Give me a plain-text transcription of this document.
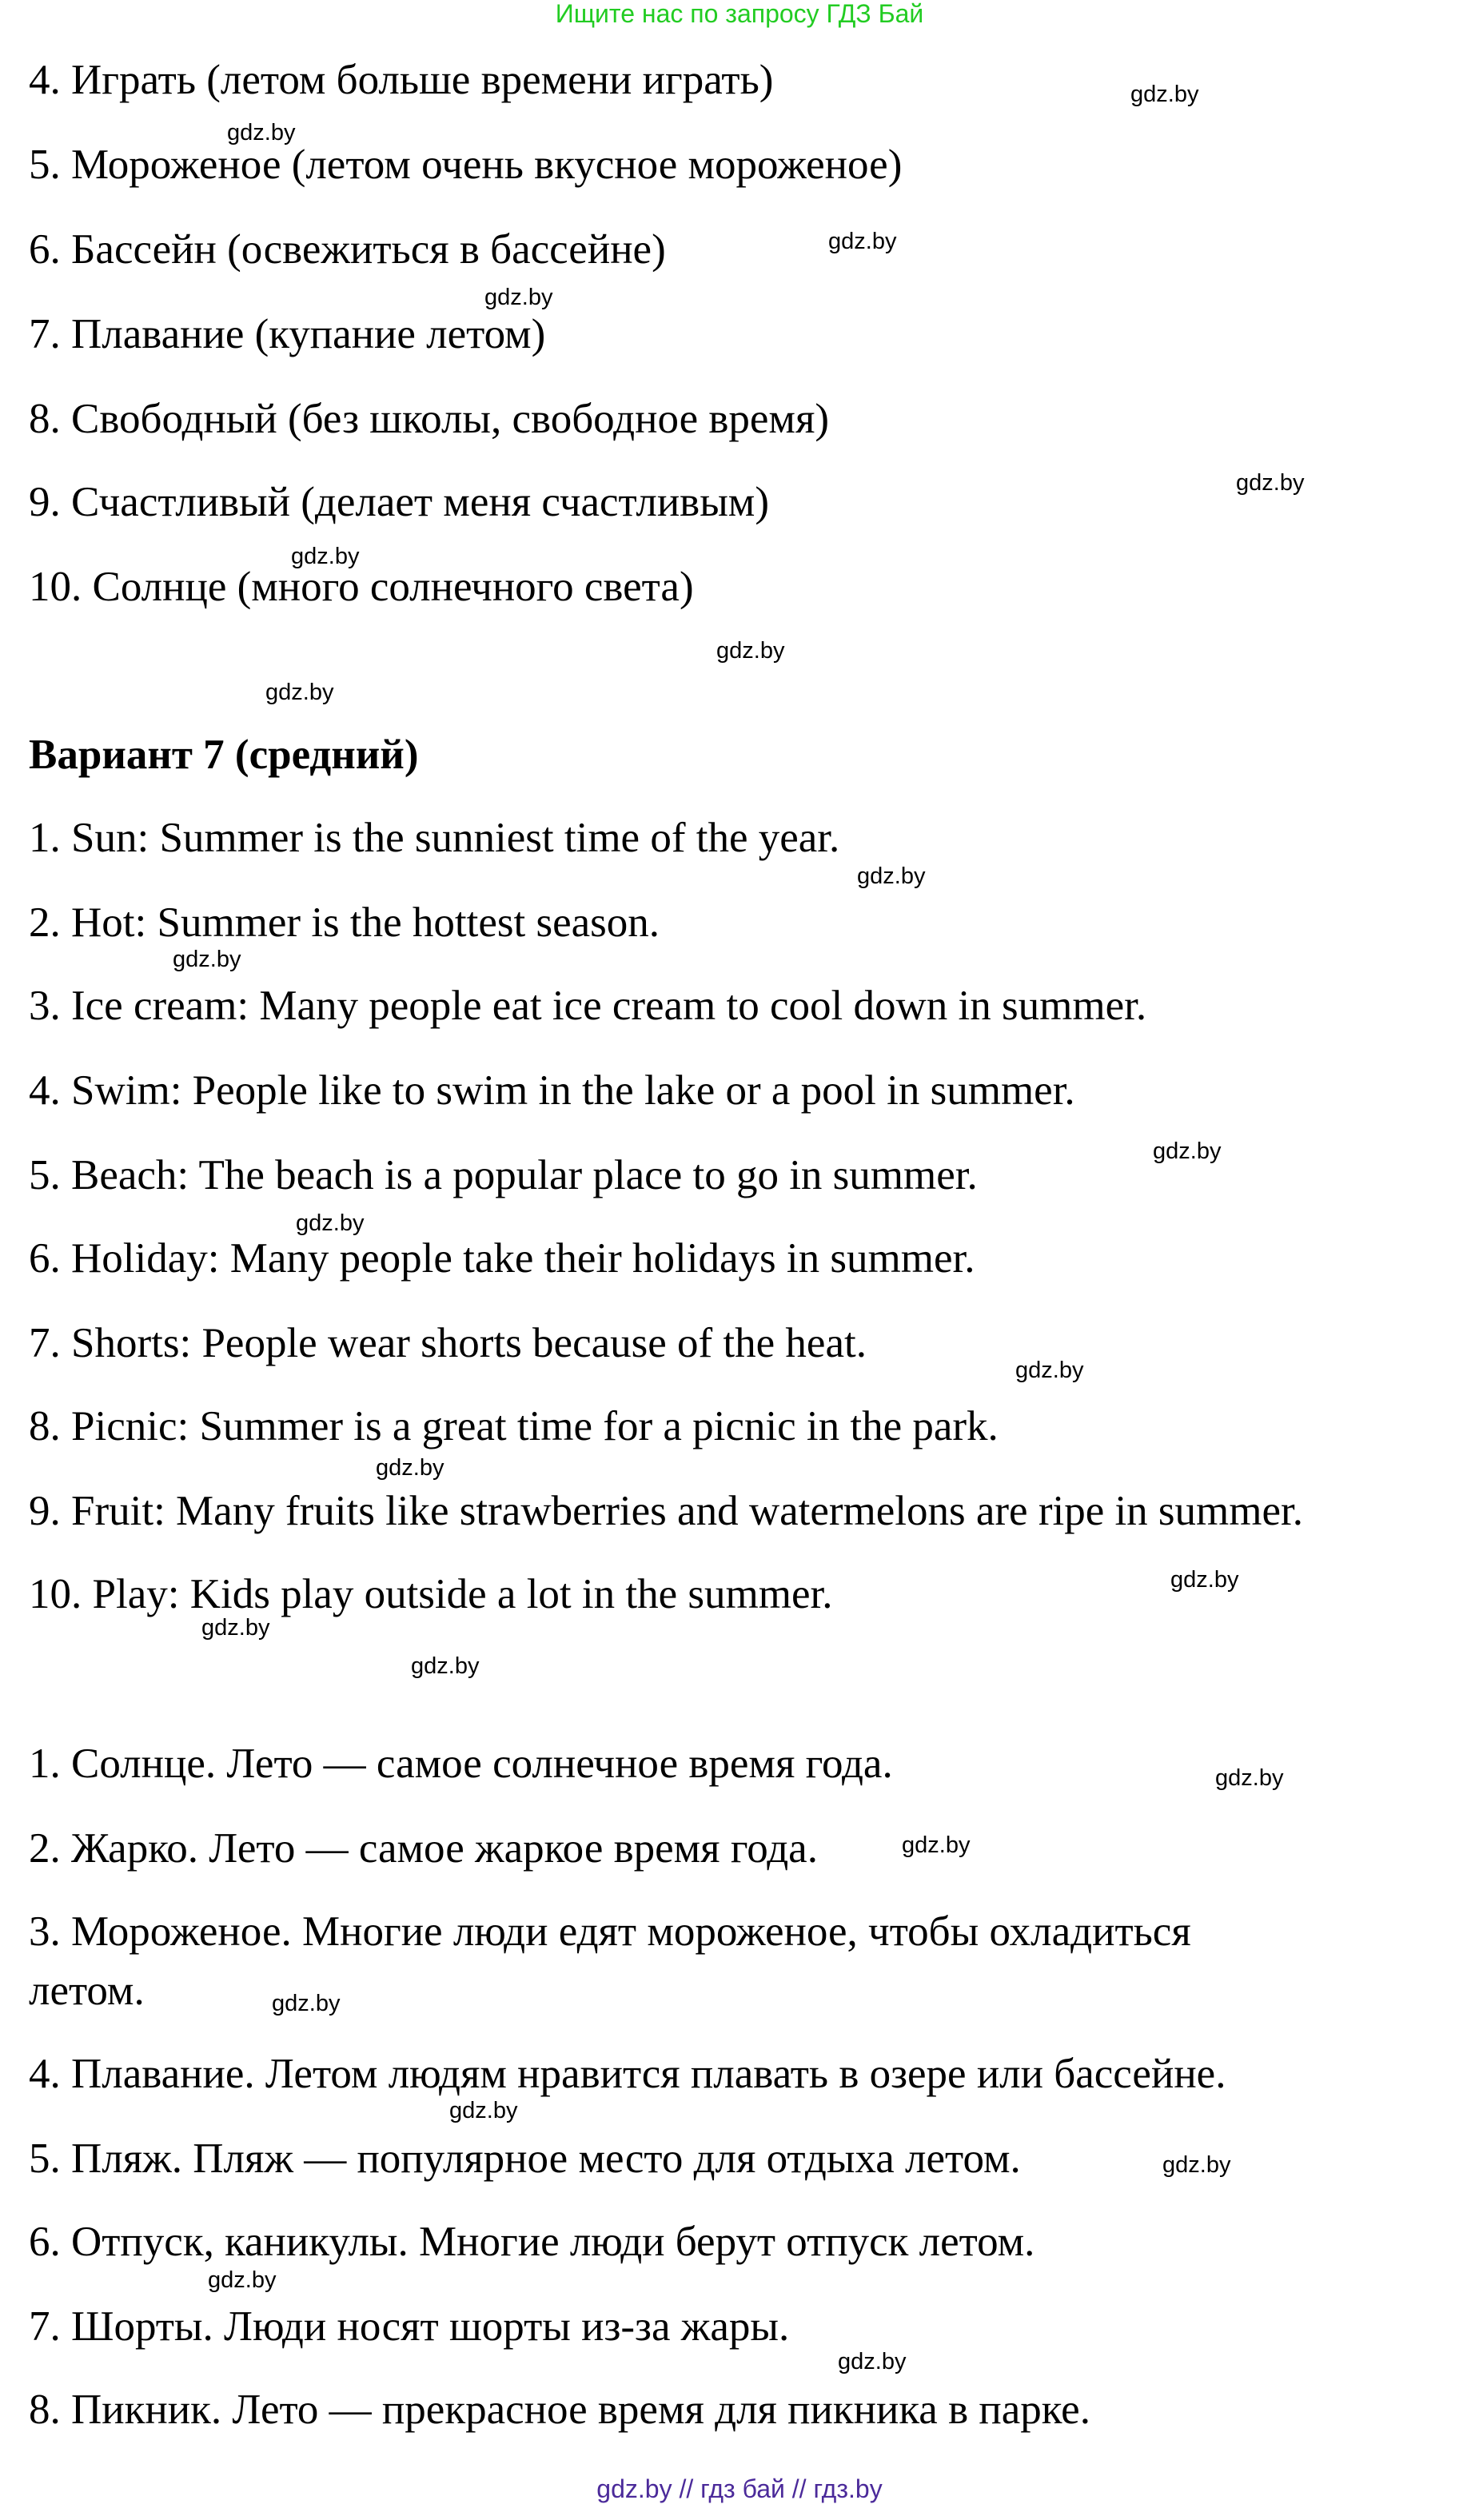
Ищите нас по запросу ГДЗ Бай
4. Играть (летом больше времени играть)
5. Мороженое (летом очень вкусное мороженое)
6. Бассейн (освежиться в бассейне)
7. Плавание (купание летом)
8. Свободный (без школы, свободное время)
9. Счастливый (делает меня счастливым)
10. Солнце (много солнечного света)
Вариант 7 (средний)
1. Sun: Summer is the sunniest time of the year.
2. Hot: Summer is the hottest season.
3. Ice cream: Many people eat ice cream to cool down in summer.
4. Swim: People like to swim in the lake or a pool in summer.
5. Beach: The beach is a popular place to go in summer.
6. Holiday: Many people take their holidays in summer.
7. Shorts: People wear shorts because of the heat.
8. Picnic: Summer is a great time for a picnic in the park.
9. Fruit: Many fruits like strawberries and watermelons are ripe in summer.
10. Play: Kids play outside a lot in the summer.
1. Солнце. Лето — самое солнечное время года.
2. Жарко. Лето — самое жаркое время года.
3. Мороженое. Многие люди едят мороженое, чтобы охладиться
летом.
4. Плавание. Летом людям нравится плавать в озере или бассейне.
5. Пляж. Пляж — популярное место для отдыха летом.
6. Отпуск, каникулы. Многие люди берут отпуск летом.
7. Шорты. Люди носят шорты из-за жары.
8. Пикник. Лето — прекрасное время для пикника в парке.
gdz.by
gdz.by
gdz.by
gdz.by
gdz.by
gdz.by
gdz.by
gdz.by
gdz.by
gdz.by
gdz.by
gdz.by
gdz.by
gdz.by
gdz.by
gdz.by
gdz.by
gdz.by
gdz.by
gdz.by
gdz.by
gdz.by
gdz.by
gdz.by
gdz.by // гдз бай // гдз.by
